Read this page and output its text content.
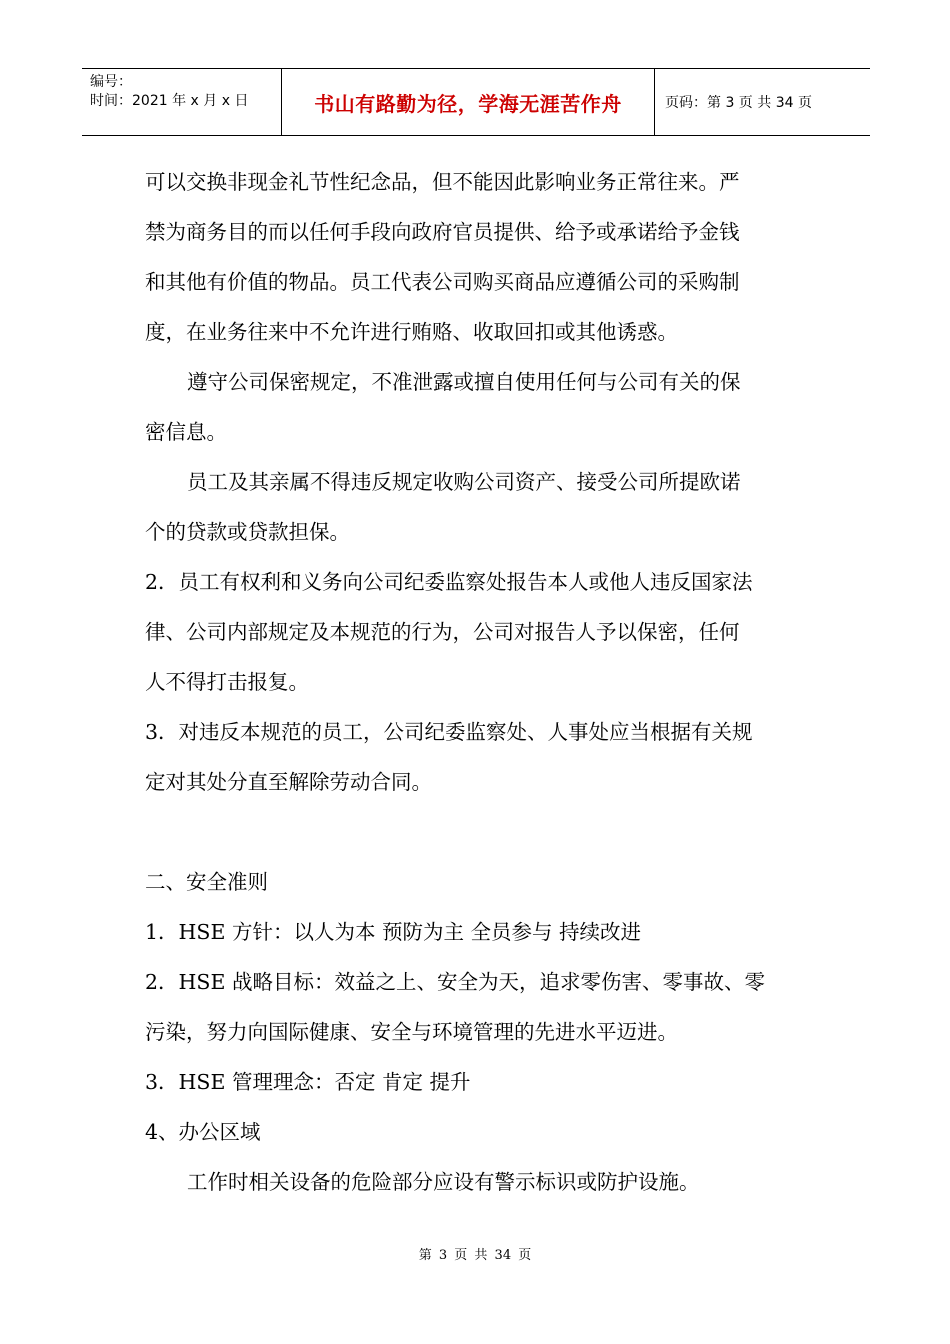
编号：
时间：2021 年 x 月 x 日	书山有路勤为径，学海无涯苦作舟	页码：第 3 页 共 34 页
可以交换非现金礼节性纪念品，但不能因此影响业务正常往来。严
禁为商务目的而以任何手段向政府官员提供、给予或承诺给予金钱
和其他有价值的物品。员工代表公司购买商品应遵循公司的采购制
度，在业务往来中不允许进行贿赂、收取回扣或其他诱惑。
遵守公司保密规定，不准泄露或擅自使用任何与公司有关的保
密信息。
员工及其亲属不得违反规定收购公司资产、接受公司所提欧诺
个的贷款或贷款担保。
2．员工有权利和义务向公司纪委监察处报告本人或他人违反国家法
律、公司内部规定及本规范的行为，公司对报告人予以保密，任何
人不得打击报复。
3．对违反本规范的员工，公司纪委监察处、人事处应当根据有关规
定对其处分直至解除劳动合同。
二、安全准则
1．HSE 方针：以人为本 预防为主 全员参与 持续改进
2．HSE 战略目标：效益之上、安全为天，追求零伤害、零事故、零
污染，努力向国际健康、安全与环境管理的先进水平迈进。
3．HSE 管理理念：否定 肯定 提升
4、办公区域
工作时相关设备的危险部分应设有警示标识或防护设施。
第 3 页 共 34 页
